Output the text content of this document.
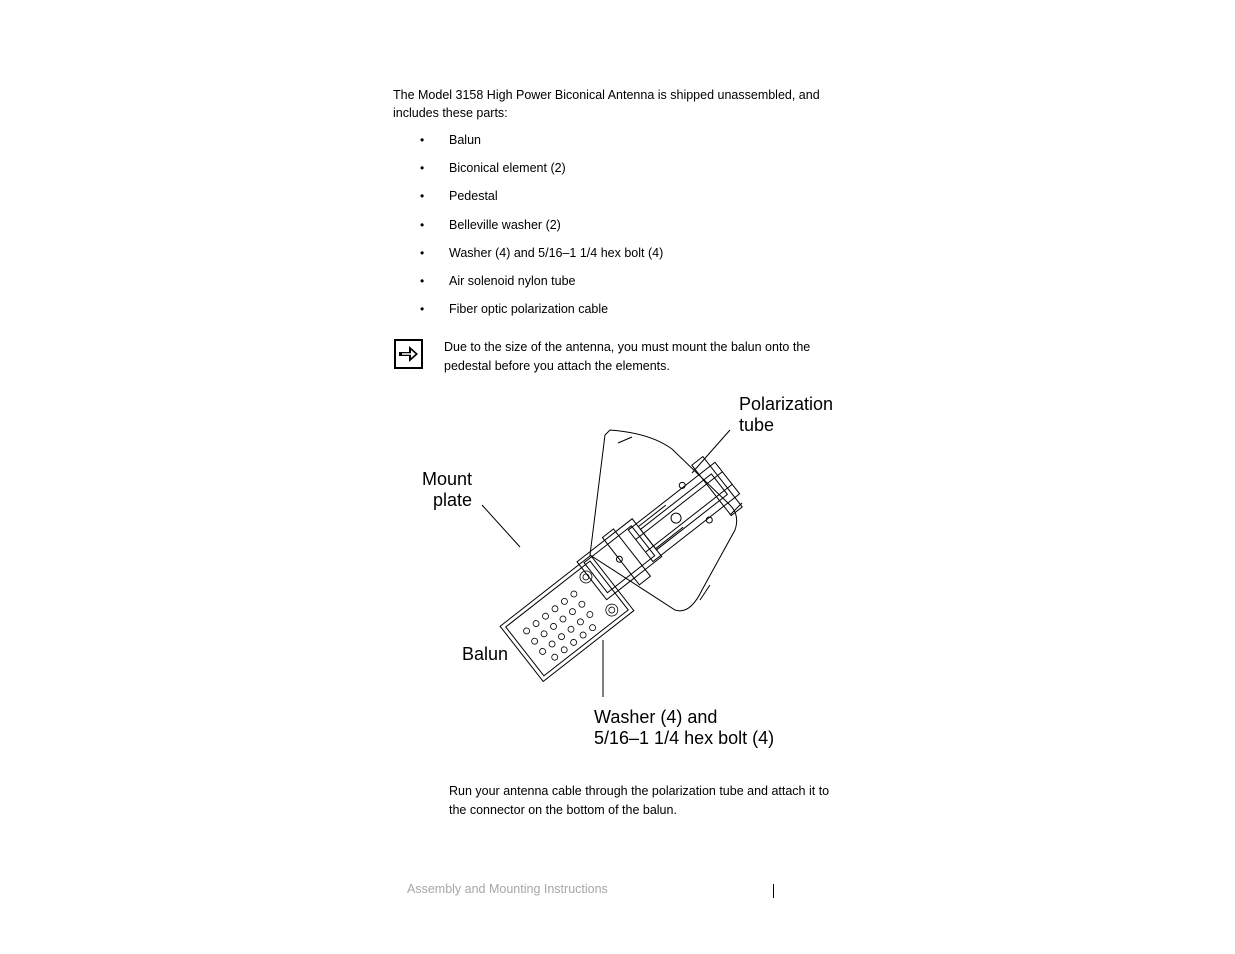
The Model 3158 High Power Biconical Antenna is shipped unassembled, and includes these parts:

• Balun
• Biconical element (2)
• Pedestal
• Belleville washer (2)
• Washer (4) and 5/16–1 1/4 hex bolt (4)
• Air solenoid nylon tube
• Fiber optic polarization cable

Due to the size of the antenna, you must mount the balun onto the pedestal before you attach the elements.

Polarization
tube
Mount
plate
Balun
Washer (4) and
5/16–1 1/4 hex bolt (4)

Run your antenna cable through the polarization tube and attach it to the connector on the bottom of the balun.

Assembly and Mounting Instructions
